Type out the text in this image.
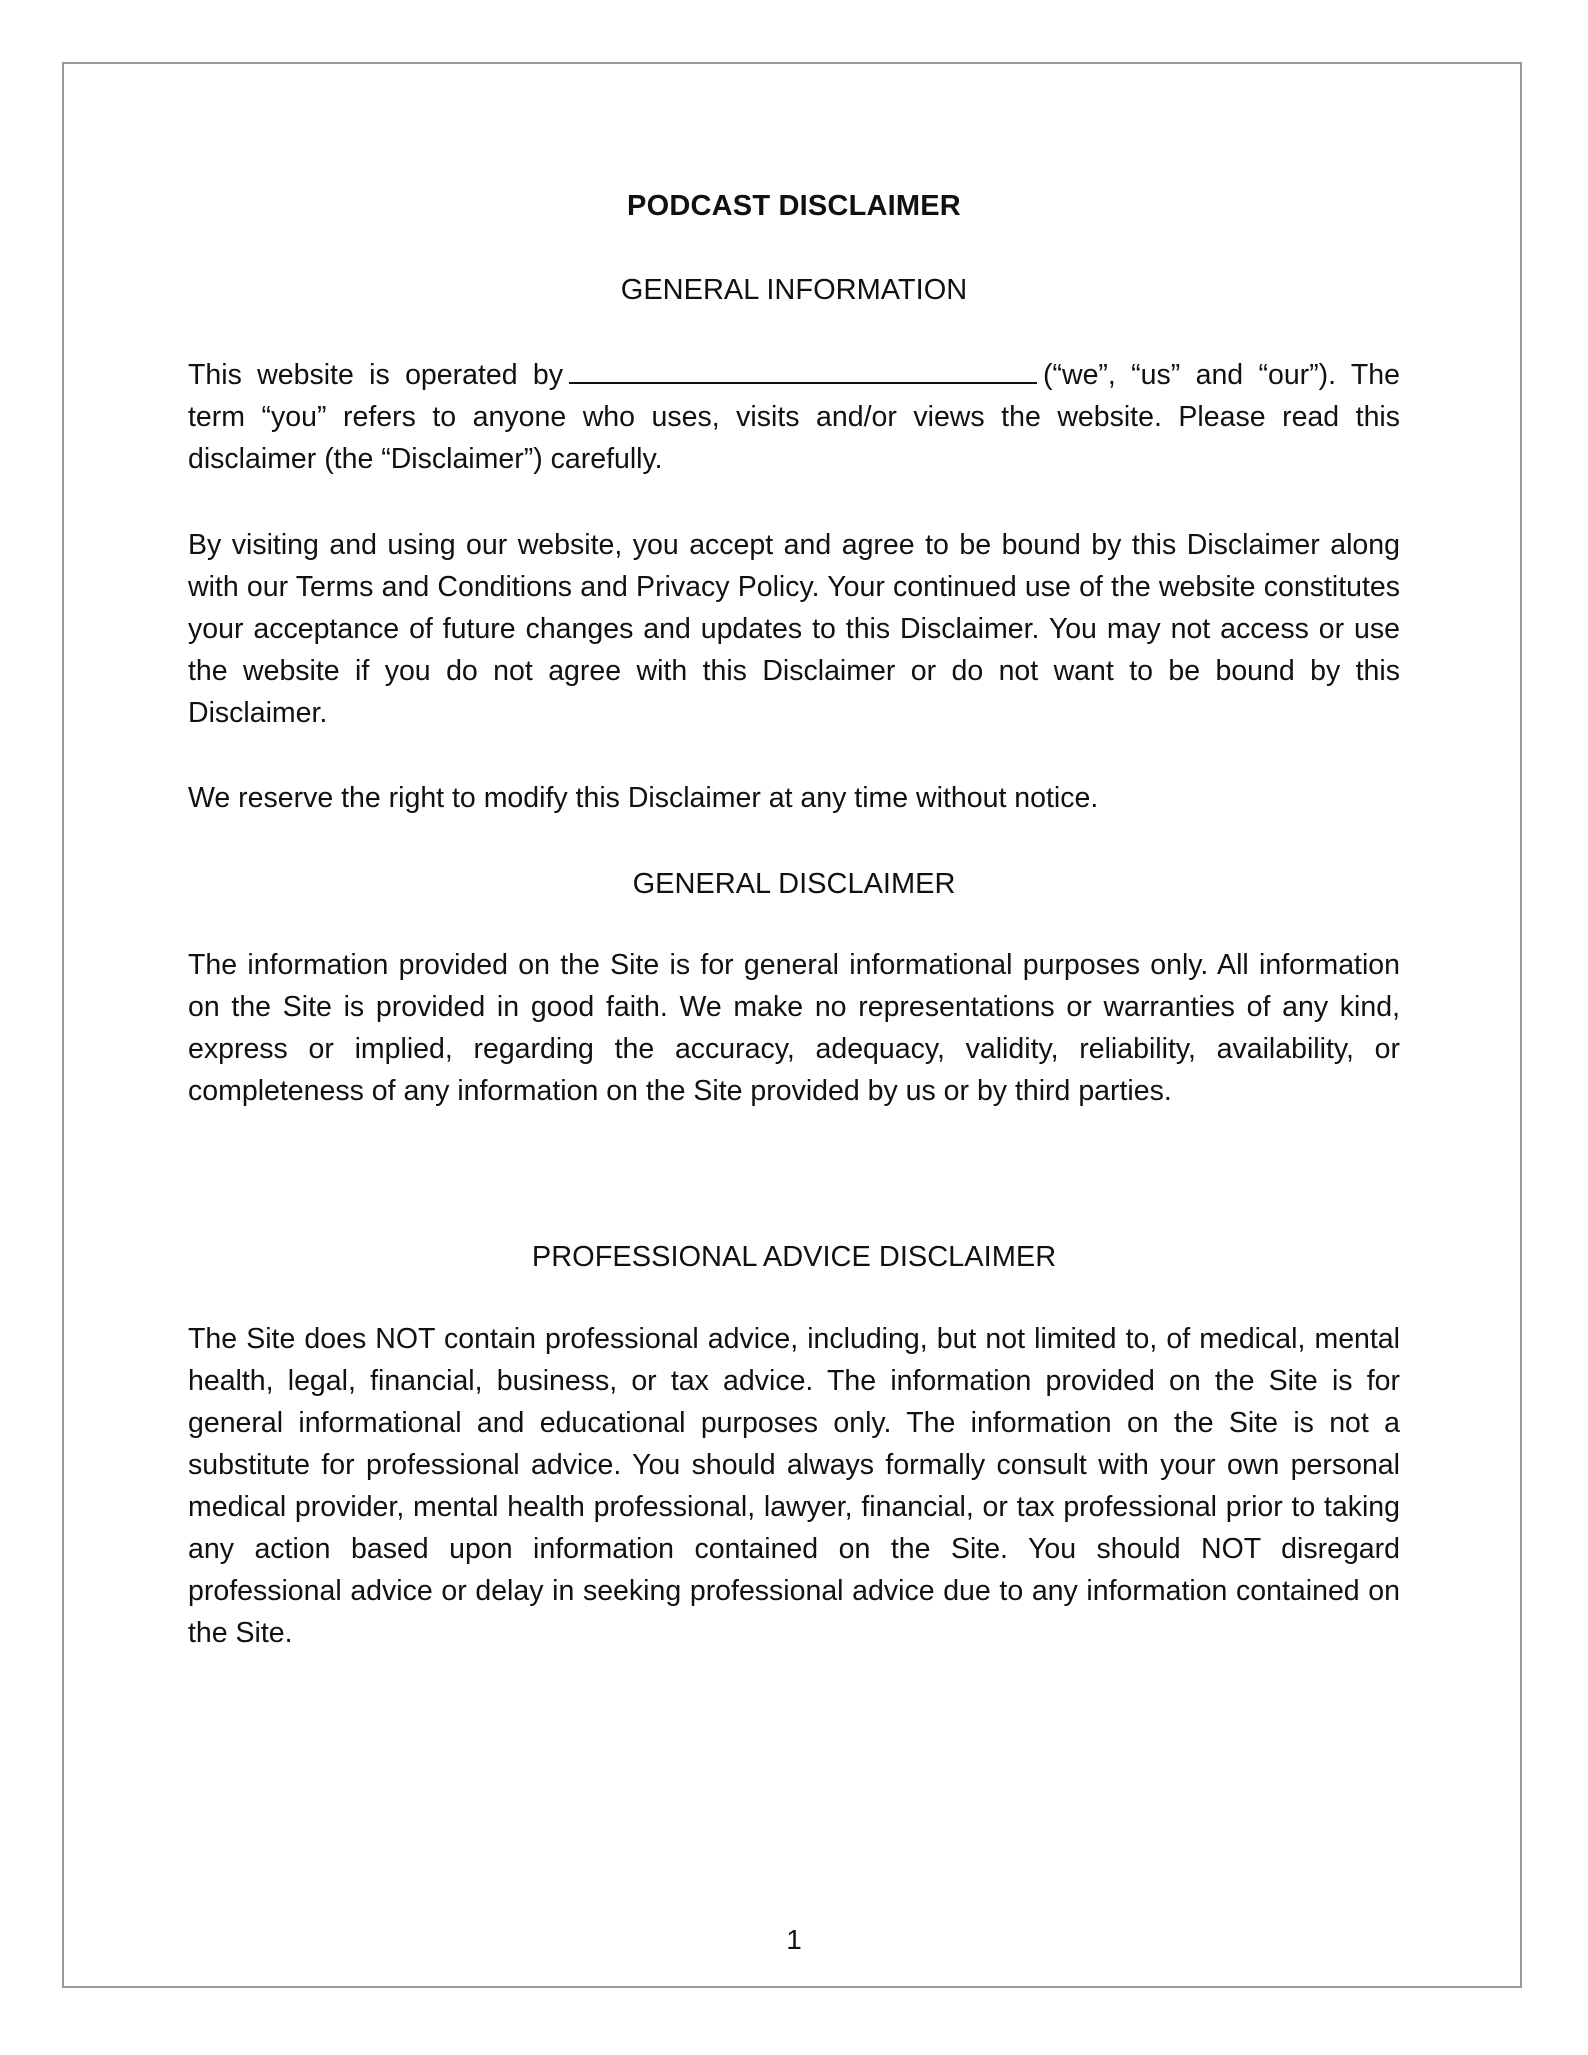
PODCAST DISCLAIMER
GENERAL INFORMATION

This website is operated by	(“we”, “us” and “our”). The term “you” refers to anyone who uses, visits and/or views the website. Please read this disclaimer (the “Disclaimer”) carefully.

By visiting and using our website, you accept and agree to be bound by this Disclaimer along with our Terms and Conditions and Privacy Policy. Your continued use of the website constitutes your acceptance of future changes and updates to this Disclaimer. You may not access or use the website if you do not agree with this Disclaimer or do not want to be bound by this Disclaimer.

We reserve the right to modify this Disclaimer at any time without notice.

GENERAL DISCLAIMER

The information provided on the Site is for general informational purposes only. All information on the Site is provided in good faith. We make no representations or warranties of any kind, express or implied, regarding the accuracy, adequacy, validity, reliability, availability, or completeness of any information on the Site provided by us or by third parties.

PROFESSIONAL ADVICE DISCLAIMER

The Site does NOT contain professional advice, including, but not limited to, of medical, mental health, legal, financial, business, or tax advice. The information provided on the Site is for general informational and educational purposes only. The information on the Site is not a substitute for professional advice. You should always formally consult with your own personal medical provider, mental health professional, lawyer, financial, or tax professional prior to taking any action based upon information contained on the Site. You should NOT disregard professional advice or delay in seeking professional advice due to any information contained on the Site.

1
